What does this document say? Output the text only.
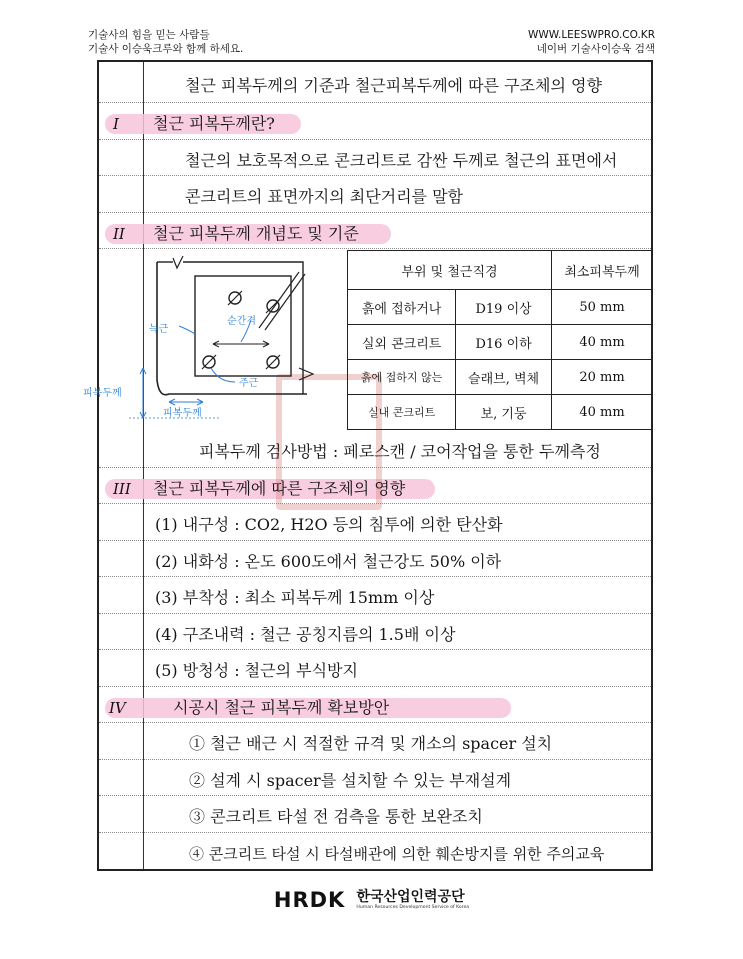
기술사의 힘을 믿는 사람들
기술사 이승욱크루와 함께 하세요.
WWW.LEESWPRO.CO.KR
네이버 기술사이승욱 검색
철근 피복두께의 기준과 철근피복두께에 따른 구조체의 영향
I 철근 피복두께란?
철근의 보호목적으로 콘크리트로 감싼 두께로 철근의 표면에서
콘크리트의 표면까지의 최단거리를 말함
II 철근 피복두께 개념도 및 기준
순간격
늑근
주근
피복두께
피복두께
부위 및 철근직경		최소피복두께
흙에 접하거나	D19 이상	50 mm
실외 콘크리트	D16 이하	40 mm
흙에 접하지 않는	슬래브, 벽체	20 mm
실내 콘크리트	보, 기둥	40 mm
피복두께 검사방법 : 페로스캔 / 코어작업을 통한 두께측정
III 철근 피복두께에 따른 구조체의 영향
(1) 내구성 : CO2, H2O 등의 침투에 의한 탄산화
(2) 내화성 : 온도 600도에서 철근강도 50% 이하
(3) 부착성 : 최소 피복두께 15mm 이상
(4) 구조내력 : 철근 공칭지름의 1.5배 이상
(5) 방청성 : 철근의 부식방지
IV	시공시 철근 피복두께 확보방안
① 철근 배근 시 적절한 규격 및 개소의 spacer 설치
② 설계 시 spacer를 설치할 수 있는 부재설계
③ 콘크리트 타설 전 검측을 통한 보완조치
④ 콘크리트 타설 시 타설배관에 의한 훼손방지를 위한 주의교육
HRDK 한국산업인력공단
Human Resources Development Service of Korea
